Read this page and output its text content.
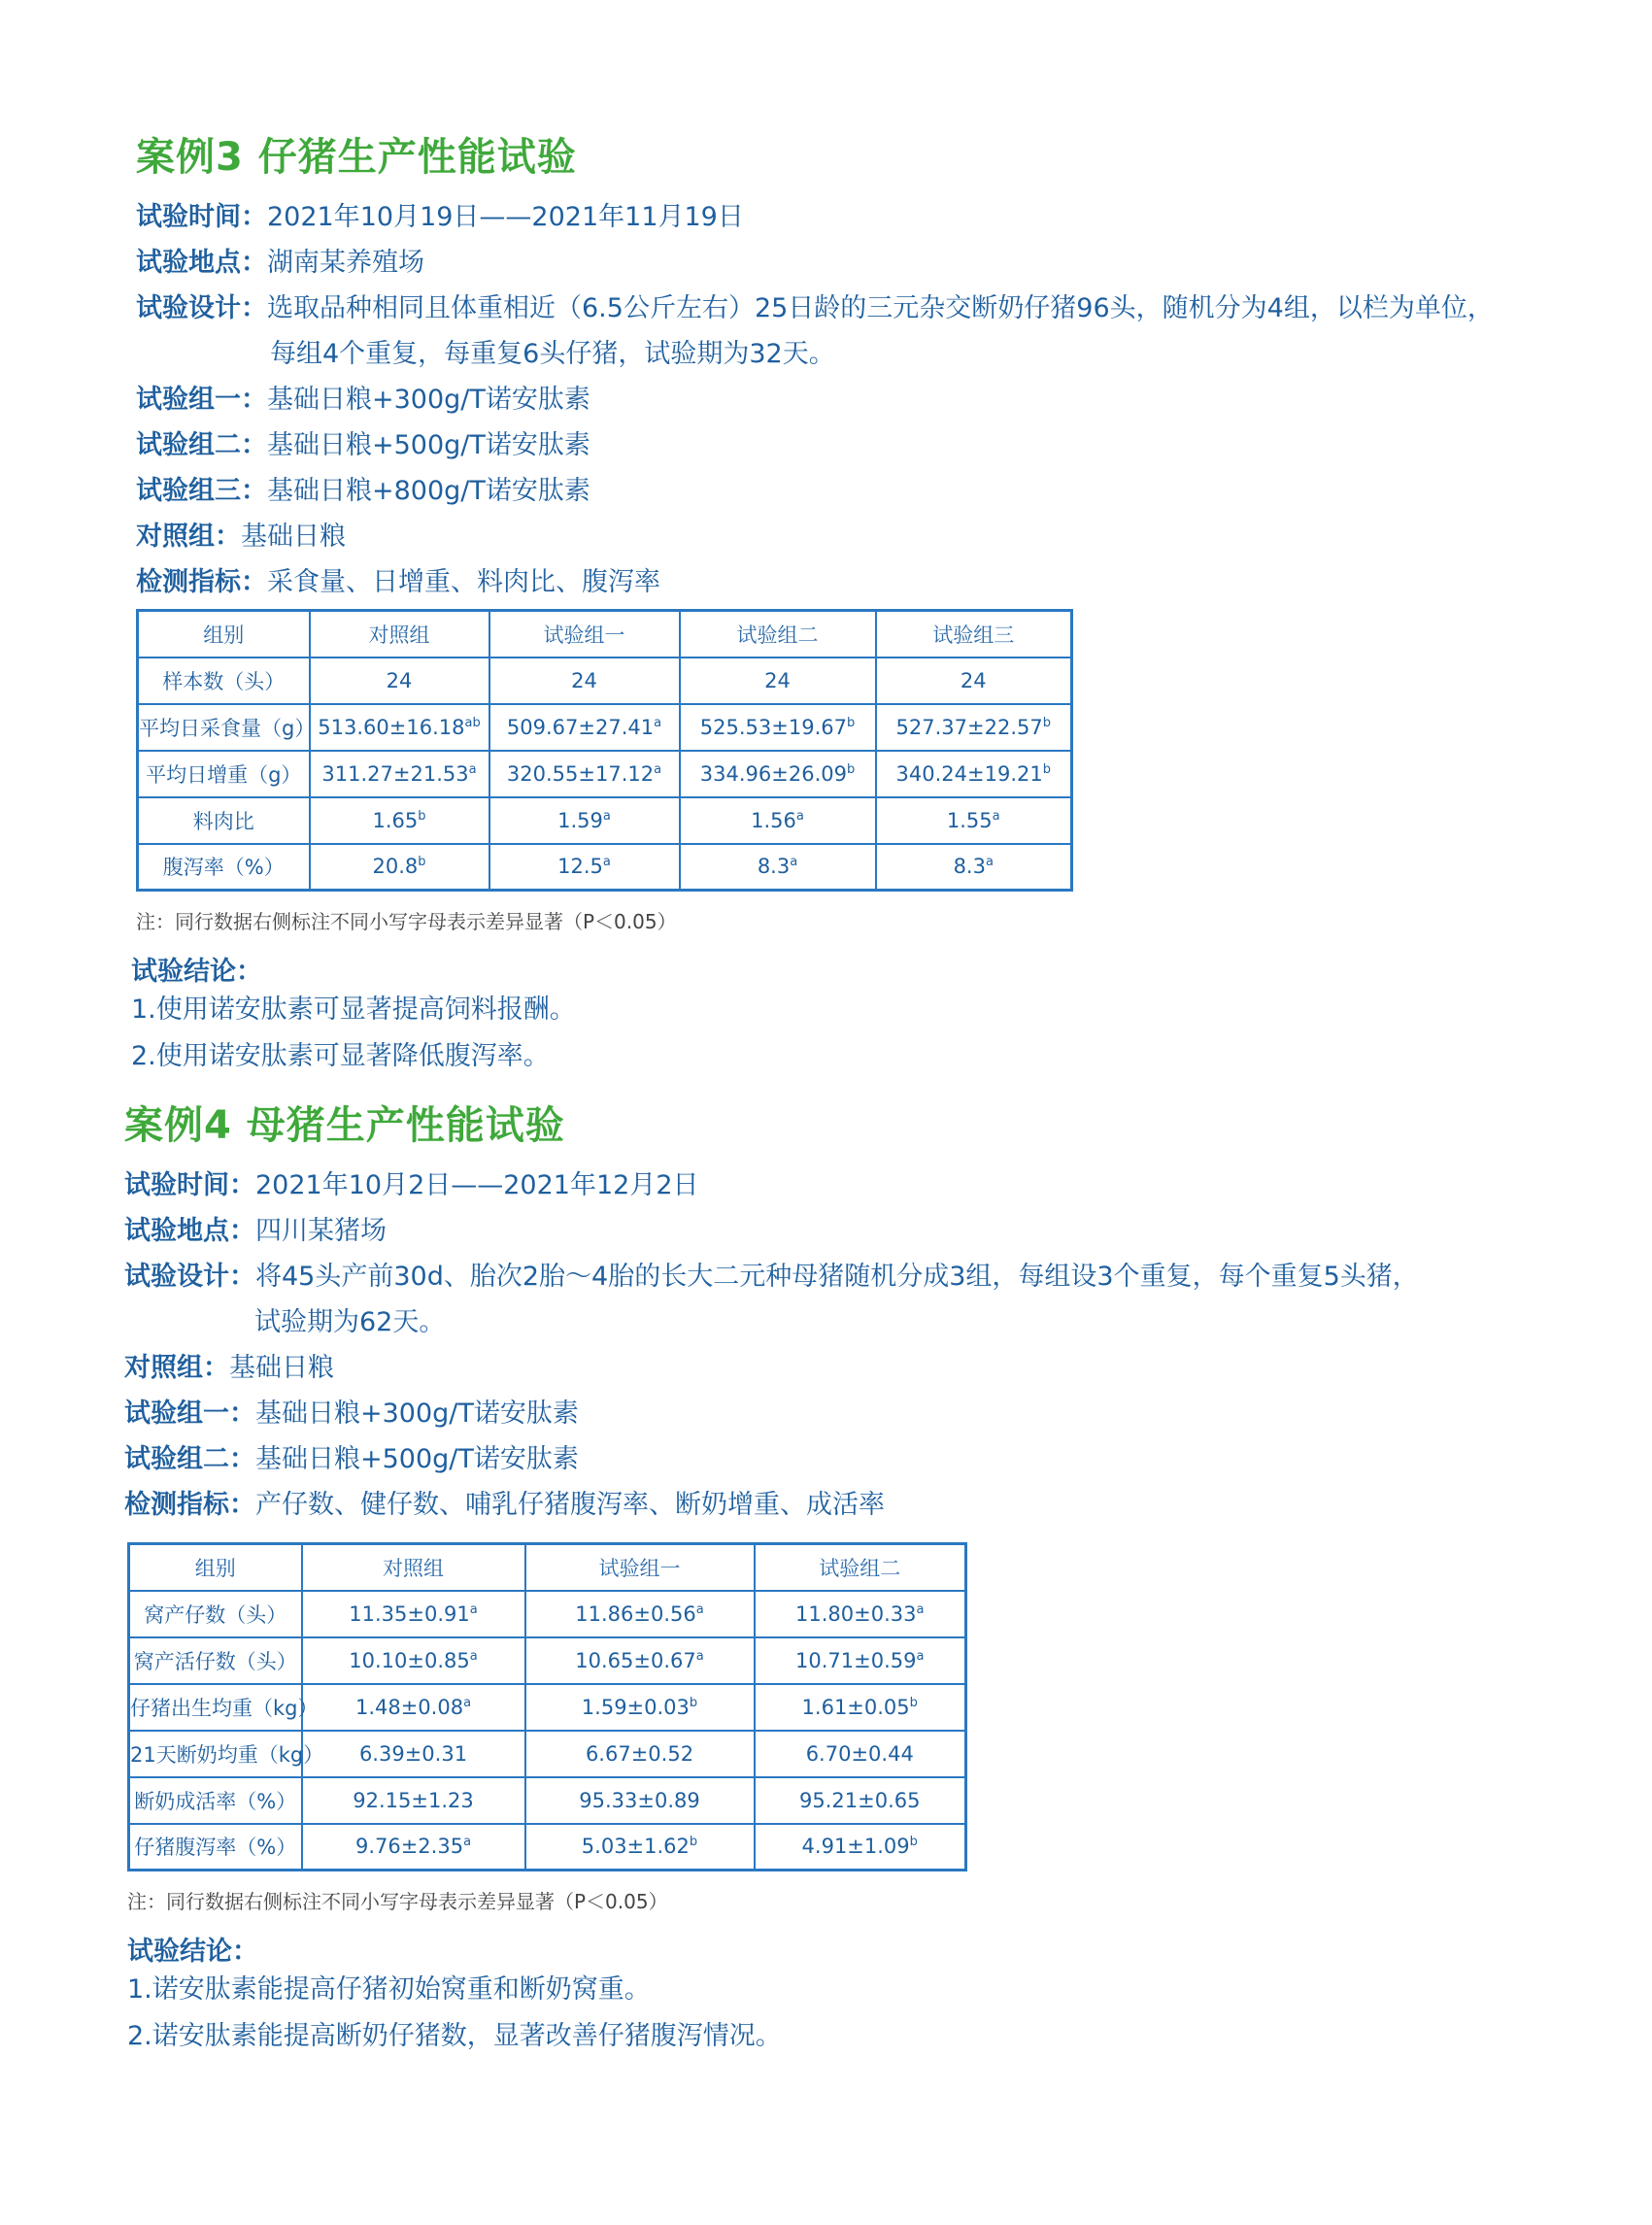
案例3 仔猪生产性能试验
试验时间：2021年10月19日——2021年11月19日
试验地点：湖南某养殖场
试验设计：选取品种相同且体重相近（6.5公斤左右）25日龄的三元杂交断奶仔猪96头，随机分为4组，以栏为单位，
每组4个重复，每重复6头仔猪，试验期为32天。
试验组一：基础日粮+300g/T诺安肽素
试验组二：基础日粮+500g/T诺安肽素
试验组三：基础日粮+800g/T诺安肽素
对照组：基础日粮
检测指标：采食量、日增重、料肉比、腹泻率
组别	对照组	试验组一	试验组二	试验组三
样本数（头）	24	24	24	24
平均日采食量（g）	513.60±16.18$^{ab}$	509.67±27.41$^a$	525.53±19.67$^b$	527.37±22.57$^b$
平均日增重（g）	311.27±21.53$^a$	320.55±17.12$^a$	334.96±26.09$^b$	340.24±19.21$^b$
料肉比	1.65$^b$	1.59$^a$	1.56$^a$	1.55$^a$
腹泻率（%）	20.8$^b$	12.5$^a$	8.3$^a$	8.3$^a$
注：同行数据右侧标注不同小写字母表示差异显著（P＜0.05）
试验结论：
1.使用诺安肽素可显著提高饲料报酬。
2.使用诺安肽素可显著降低腹泻率。
案例4 母猪生产性能试验
试验时间：2021年10月2日——2021年12月2日
试验地点：四川某猪场
试验设计：将45头产前30d、胎次2胎～4胎的长大二元种母猪随机分成3组，每组设3个重复，每个重复5头猪，
试验期为62天。
对照组：基础日粮
试验组一：基础日粮+300g/T诺安肽素
试验组二：基础日粮+500g/T诺安肽素
检测指标：产仔数、健仔数、哺乳仔猪腹泻率、断奶增重、成活率
组别	对照组	试验组一	试验组二
窝产仔数（头）	11.35±0.91$^a$	11.86±0.56$^a$	11.80±0.33$^a$
窝产活仔数（头）	10.10±0.85$^a$	10.65±0.67$^a$	10.71±0.59$^a$
仔猪出生均重（kg）	1.48±0.08$^a$	1.59±0.03$^b$	1.61±0.05$^b$
21天断奶均重（kg）	6.39±0.31	6.67±0.52	6.70±0.44
断奶成活率（%）	92.15±1.23	95.33±0.89	95.21±0.65
仔猪腹泻率（%）	9.76±2.35$^a$	5.03±1.62$^b$	4.91±1.09$^b$
注：同行数据右侧标注不同小写字母表示差异显著（P＜0.05）
试验结论：
1.诺安肽素能提高仔猪初始窝重和断奶窝重。
2.诺安肽素能提高断奶仔猪数，显著改善仔猪腹泻情况。
